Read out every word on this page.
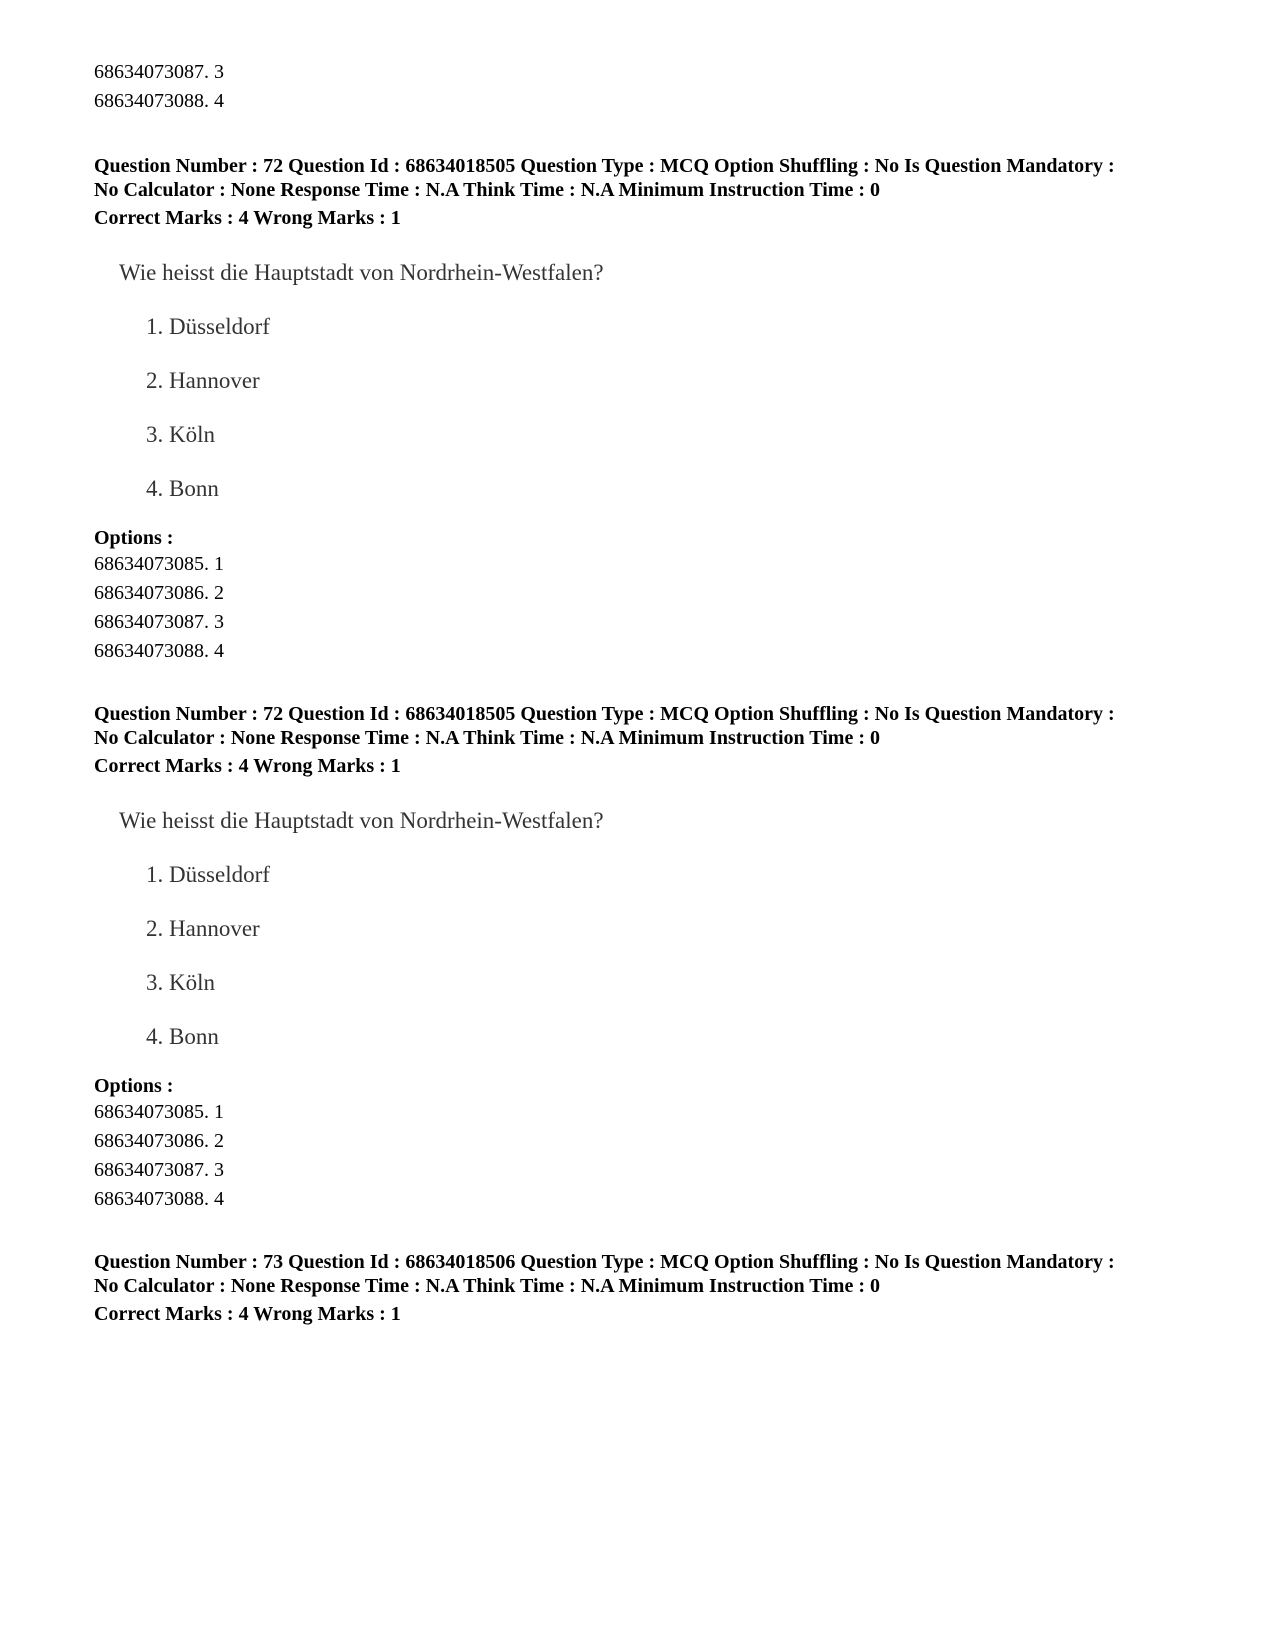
68634073087. 3
68634073088. 4
Question Number : 72 Question Id : 68634018505 Question Type : MCQ Option Shuffling : No Is Question Mandatory :
No Calculator : None Response Time : N.A Think Time : N.A Minimum Instruction Time : 0
Correct Marks : 4 Wrong Marks : 1
Wie heisst die Hauptstadt von Nordrhein-Westfalen?
1. Düsseldorf
2. Hannover
3. Köln
4. Bonn
Options :
68634073085. 1
68634073086. 2
68634073087. 3
68634073088. 4
Question Number : 72 Question Id : 68634018505 Question Type : MCQ Option Shuffling : No Is Question Mandatory :
No Calculator : None Response Time : N.A Think Time : N.A Minimum Instruction Time : 0
Correct Marks : 4 Wrong Marks : 1
Wie heisst die Hauptstadt von Nordrhein-Westfalen?
1. Düsseldorf
2. Hannover
3. Köln
4. Bonn
Options :
68634073085. 1
68634073086. 2
68634073087. 3
68634073088. 4
Question Number : 73 Question Id : 68634018506 Question Type : MCQ Option Shuffling : No Is Question Mandatory :
No Calculator : None Response Time : N.A Think Time : N.A Minimum Instruction Time : 0
Correct Marks : 4 Wrong Marks : 1
